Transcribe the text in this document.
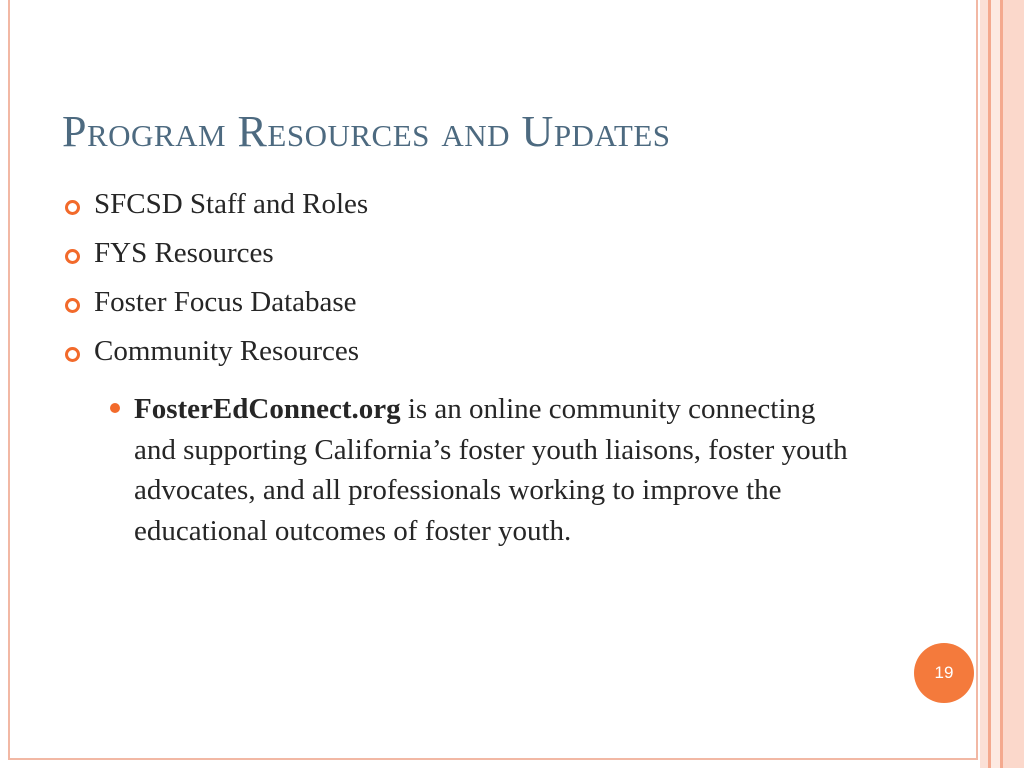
Program Resources and Updates
SFCSD Staff and Roles
FYS Resources
Foster Focus Database
Community Resources
FosterEdConnect.org is an online community connecting and supporting California’s foster youth liaisons, foster youth advocates, and all professionals working to improve the educational outcomes of foster youth.
19
